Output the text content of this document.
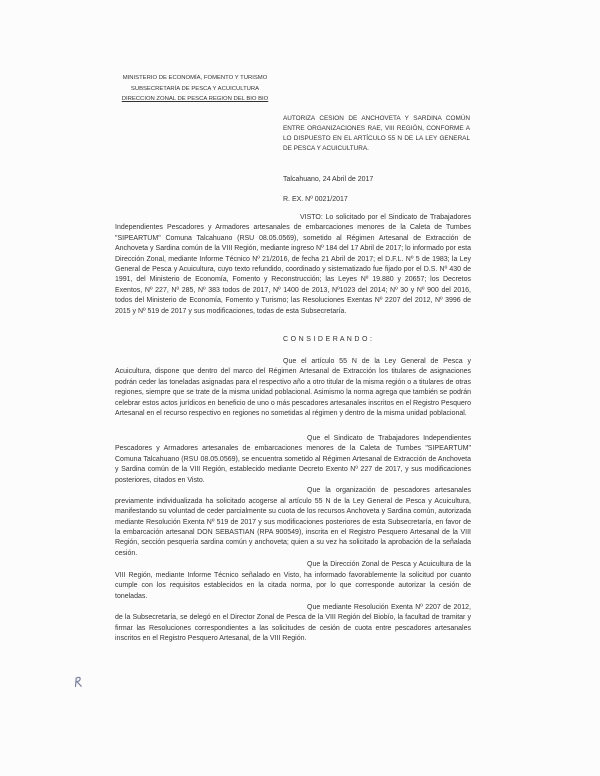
MINISTERIO DE ECONOMÍA, FOMENTO Y TURISMO
SUBSECRETARÍA DE PESCA Y ACUICULTURA
DIRECCION ZONAL DE PESCA REGION DEL BIO BIO
AUTORIZA CESION DE ANCHOVETA Y SARDINA COMÚN ENTRE ORGANIZACIONES RAE, VIII REGIÓN, CONFORME A LO DISPUESTO EN EL ARTÍCULO 55 N DE LA LEY GENERAL DE PESCA Y ACUICULTURA.
Talcahuano, 24 Abril de 2017
R. EX. Nº 0021/2017

VISTO: Lo solicitado por el Sindicato de Trabajadores Independientes Pescadores y Armadores artesanales de embarcaciones menores de la Caleta de Tumbes "SIPEARTUM" Comuna Talcahuano (RSU 08.05.0569), sometido al Régimen Artesanal de Extracción de Anchoveta y Sardina común de la VIII Región, mediante ingreso Nº 184 del 17 Abril de 2017; lo informado por esta Dirección Zonal, mediante Informe Técnico Nº 21/2016, de fecha 21 Abril de 2017; el D.F.L. Nº 5 de 1983; la Ley General de Pesca y Acuicultura, cuyo texto refundido, coordinado y sistematizado fue fijado por el D.S. Nº 430 de 1991, del Ministerio de Economía, Fomento y Reconstrucción; las Leyes Nº 19.880 y 20657; los Decretos Exentos, Nº 227, Nº 285, Nº 383 todos de 2017, Nº 1400 de 2013, Nº1023 del 2014; Nº 30 y Nº 900 del 2016, todos del Ministerio de Economía, Fomento y Turismo; las Resoluciones Exentas Nº 2207 del 2012, Nº 3996 de 2015 y Nº 519 de 2017 y sus modificaciones, todas de esta Subsecretaría.

C O N S I D E R A N D O :

Que el artículo 55 N de la Ley General de Pesca y Acuicultura, dispone que dentro del marco del Régimen Artesanal de Extracción los titulares de asignaciones podrán ceder las toneladas asignadas para el respectivo año a otro titular de la misma región o a titulares de otras regiones, siempre que se trate de la misma unidad poblacional. Asimismo la norma agrega que también se podrán celebrar estos actos jurídicos en beneficio de uno o más pescadores artesanales inscritos en el Registro Pesquero Artesanal en el recurso respectivo en regiones no sometidas al régimen y dentro de la misma unidad poblacional.

Que el Sindicato de Trabajadores Independientes Pescadores y Armadores artesanales de embarcaciones menores de la Caleta de Tumbes "SIPEARTUM" Comuna Talcahuano (RSU 08.05.0569), se encuentra sometido al Régimen Artesanal de Extracción de Anchoveta y Sardina común de la VIII Región, establecido mediante Decreto Exento Nº 227 de 2017, y sus modificaciones posteriores, citados en Visto.

Que la organización de pescadores artesanales previamente individualizada ha solicitado acogerse al artículo 55 N de la Ley General de Pesca y Acuicultura, manifestando su voluntad de ceder parcialmente su cuota de los recursos Anchoveta y Sardina común, autorizada mediante Resolución Exenta Nº 519 de 2017 y sus modificaciones posteriores de esta Subsecretaría, en favor de la embarcación artesanal DON SEBASTIAN (RPA 900549), inscrita en el Registro Pesquero Artesanal de la VIII Región, sección pesquería sardina común y anchoveta; quien a su vez ha solicitado la aprobación de la señalada cesión.

Que la Dirección Zonal de Pesca y Acuicultura de la VIII Región, mediante Informe Técnico señalado en Visto, ha informado favorablemente la solicitud por cuanto cumple con los requisitos establecidos en la citada norma, por lo que corresponde autorizar la cesión de toneladas.

Que mediante Resolución Exenta Nº 2207 de 2012, de la Subsecretaría, se delegó en el Director Zonal de Pesca de la VIII Región del Biobío, la facultad de tramitar y firmar las Resoluciones correspondientes a las solicitudes de cesión de cuota entre pescadores artesanales inscritos en el Registro Pesquero Artesanal, de la VIII Región.
